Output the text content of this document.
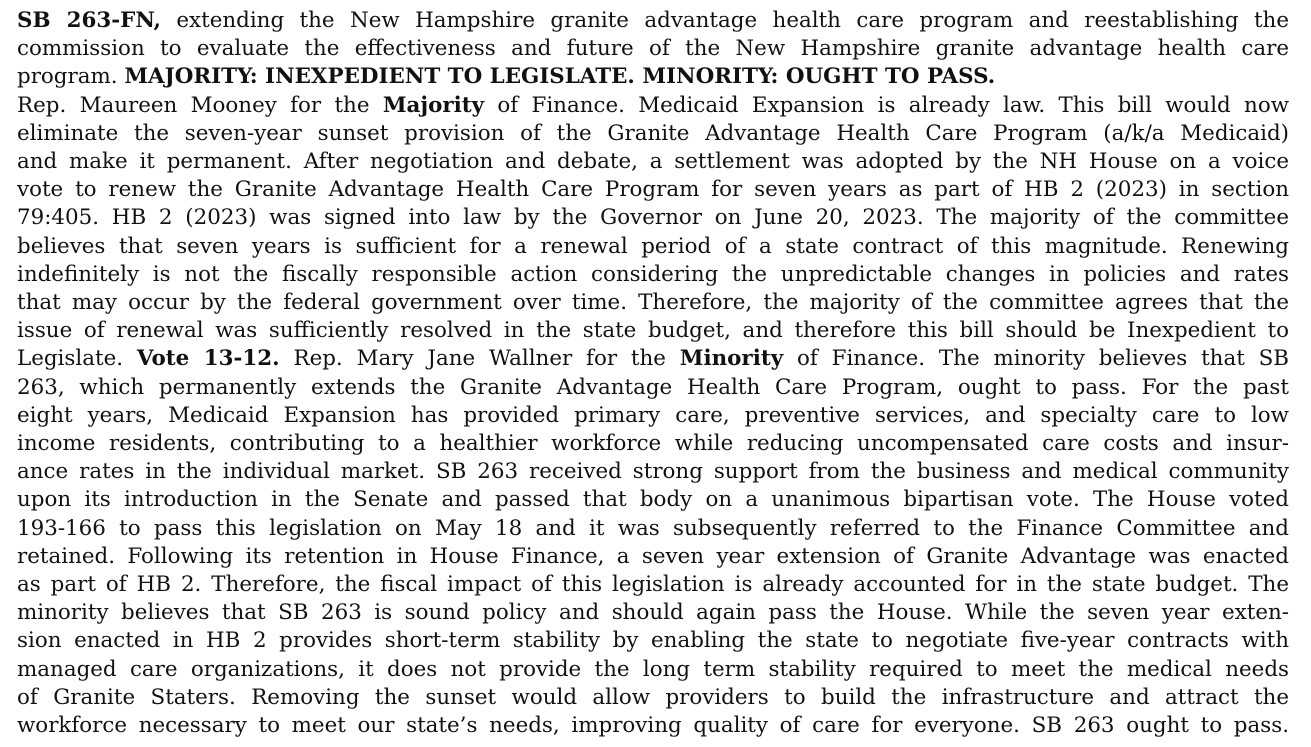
SB 263-FN, extending the New Hampshire granite advantage health care program and reestablishing the
commission to evaluate the effectiveness and future of the New Hampshire granite advantage health care
program. MAJORITY: INEXPEDIENT TO LEGISLATE. MINORITY: OUGHT TO PASS.
Rep. Maureen Mooney for the Majority of Finance. Medicaid Expansion is already law. This bill would now
eliminate the seven-year sunset provision of the Granite Advantage Health Care Program (a/k/a Medicaid)
and make it permanent. After negotiation and debate, a settlement was adopted by the NH House on a voice
vote to renew the Granite Advantage Health Care Program for seven years as part of HB 2 (2023) in section
79:405. HB 2 (2023) was signed into law by the Governor on June 20, 2023. The majority of the committee
believes that seven years is sufficient for a renewal period of a state contract of this magnitude. Renewing
indefinitely is not the fiscally responsible action considering the unpredictable changes in policies and rates
that may occur by the federal government over time. Therefore, the majority of the committee agrees that the
issue of renewal was sufficiently resolved in the state budget, and therefore this bill should be Inexpedient to
Legislate. Vote 13-12. Rep. Mary Jane Wallner for the Minority of Finance. The minority believes that SB
263, which permanently extends the Granite Advantage Health Care Program, ought to pass. For the past
eight years, Medicaid Expansion has provided primary care, preventive services, and specialty care to low
income residents, contributing to a healthier workforce while reducing uncompensated care costs and insur-
ance rates in the individual market. SB 263 received strong support from the business and medical community
upon its introduction in the Senate and passed that body on a unanimous bipartisan vote. The House voted
193-166 to pass this legislation on May 18 and it was subsequently referred to the Finance Committee and
retained. Following its retention in House Finance, a seven year extension of Granite Advantage was enacted
as part of HB 2. Therefore, the fiscal impact of this legislation is already accounted for in the state budget. The
minority believes that SB 263 is sound policy and should again pass the House. While the seven year exten-
sion enacted in HB 2 provides short-term stability by enabling the state to negotiate five-year contracts with
managed care organizations, it does not provide the long term stability required to meet the medical needs
of Granite Staters. Removing the sunset would allow providers to build the infrastructure and attract the
workforce necessary to meet our state’s needs, improving quality of care for everyone. SB 263 ought to pass.
